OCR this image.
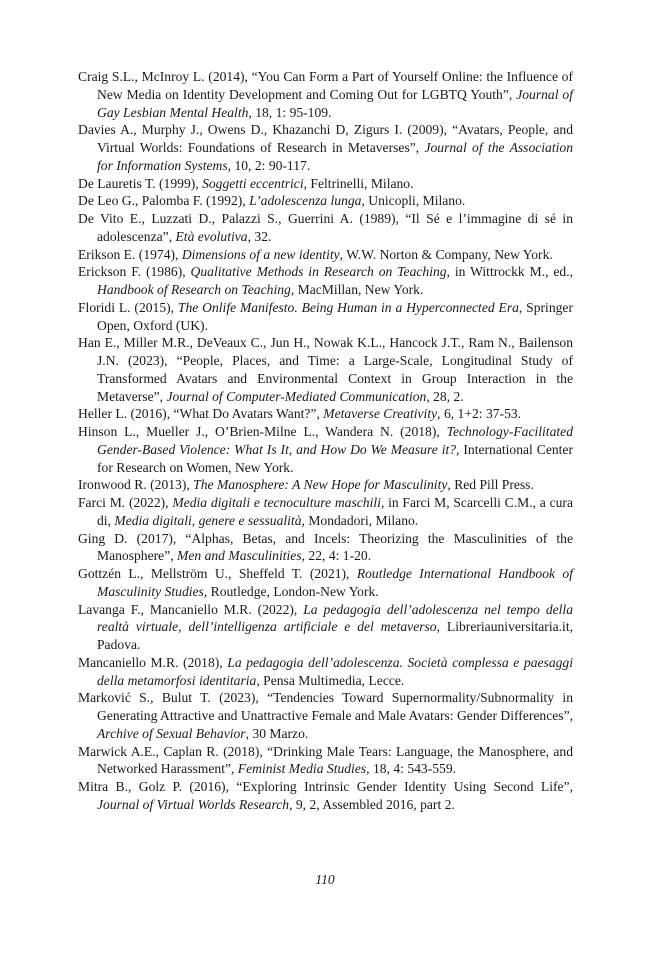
Craig S.L., McInroy L. (2014), “You Can Form a Part of Yourself Online: the Influence of New Media on Identity Development and Coming Out for LGBTQ Youth”, Journal of Gay Lesbian Mental Health, 18, 1: 95-109.

Davies A., Murphy J., Owens D., Khazanchi D, Zigurs I. (2009), “Avatars, People, and Virtual Worlds: Foundations of Research in Metaverses”, Journal of the Association for Information Systems, 10, 2: 90-117.

De Lauretis T. (1999), Soggetti eccentrici, Feltrinelli, Milano.

De Leo G., Palomba F. (1992), L’adolescenza lunga, Unicopli, Milano.

De Vito E., Luzzati D., Palazzi S., Guerrini A. (1989), “Il Sé e l’immagine di sé in adolescenza”, Età evolutiva, 32.

Erikson E. (1974), Dimensions of a new identity, W.W. Norton & Company, New York.

Erickson F. (1986), Qualitative Methods in Research on Teaching, in Wittrockk M., ed., Handbook of Research on Teaching, MacMillan, New York.

Floridi L. (2015), The Onlife Manifesto. Being Human in a Hyperconnected Era, Springer Open, Oxford (UK).

Han E., Miller M.R., DeVeaux C., Jun H., Nowak K.L., Hancock J.T., Ram N., Bailenson J.N. (2023), “People, Places, and Time: a Large-Scale, Longitudinal Study of Transformed Avatars and Environmental Context in Group Interaction in the Metaverse”, Journal of Computer-Mediated Communication, 28, 2.

Heller L. (2016), “What Do Avatars Want?”, Metaverse Creativity, 6, 1+2: 37-53.

Hinson L., Mueller J., O’Brien-Milne L., Wandera N. (2018), Technology-Facilitated Gender-Based Violence: What Is It, and How Do We Measure it?, International Center for Research on Women, New York.

Ironwood R. (2013), The Manosphere: A New Hope for Masculinity, Red Pill Press.

Farci M. (2022), Media digitali e tecnoculture maschili, in Farci M, Scarcelli C.M., a cura di, Media digitali, genere e sessualità, Mondadori, Milano.

Ging D. (2017), “Alphas, Betas, and Incels: Theorizing the Masculinities of the Manosphere”, Men and Masculinities, 22, 4: 1-20.

Gottzén L., Mellström U., Sheffeld T. (2021), Routledge International Handbook of Masculinity Studies, Routledge, London-New York.

Lavanga F., Mancaniello M.R. (2022), La pedagogia dell’adolescenza nel tempo della realtà virtuale, dell’intelligenza artificiale e del metaverso, Libreriauniversitaria.it, Padova.

Mancaniello M.R. (2018), La pedagogia dell’adolescenza. Società complessa e paesaggi della metamorfosi identitaria, Pensa Multimedia, Lecce.

Marković S., Bulut T. (2023), “Tendencies Toward Supernormality/Subnormality in Generating Attractive and Unattractive Female and Male Avatars: Gender Differences”, Archive of Sexual Behavior, 30 Marzo.

Marwick A.E., Caplan R. (2018), “Drinking Male Tears: Language, the Manosphere, and Networked Harassment”, Feminist Media Studies, 18, 4: 543-559.

Mitra B., Golz P. (2016), “Exploring Intrinsic Gender Identity Using Second Life”, Journal of Virtual Worlds Research, 9, 2, Assembled 2016, part 2.

110
